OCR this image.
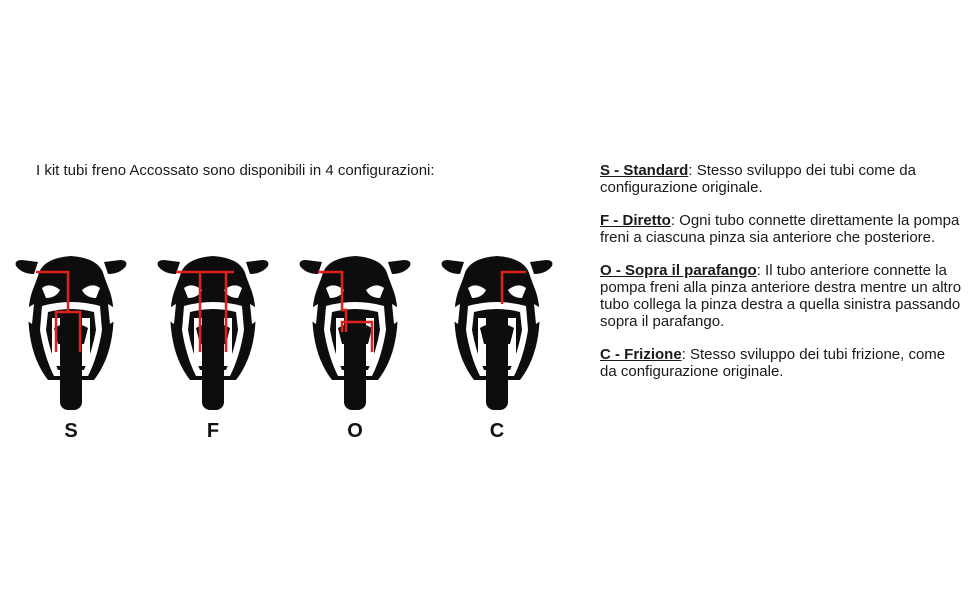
I kit tubi freno Accossato sono disponibili in 4 configurazioni:
S	F	O	C
S - Standard: Stesso sviluppo dei tubi come da configurazione originale.
F - Diretto: Ogni tubo connette direttamente la pompa freni a ciascuna pinza sia anteriore che posteriore.
O - Sopra il parafango: Il tubo anteriore connette la pompa freni alla pinza anteriore destra mentre un altro tubo collega la pinza destra a quella sinistra passando sopra il parafango.
C - Frizione: Stesso sviluppo dei tubi frizione, come da configurazione originale.
